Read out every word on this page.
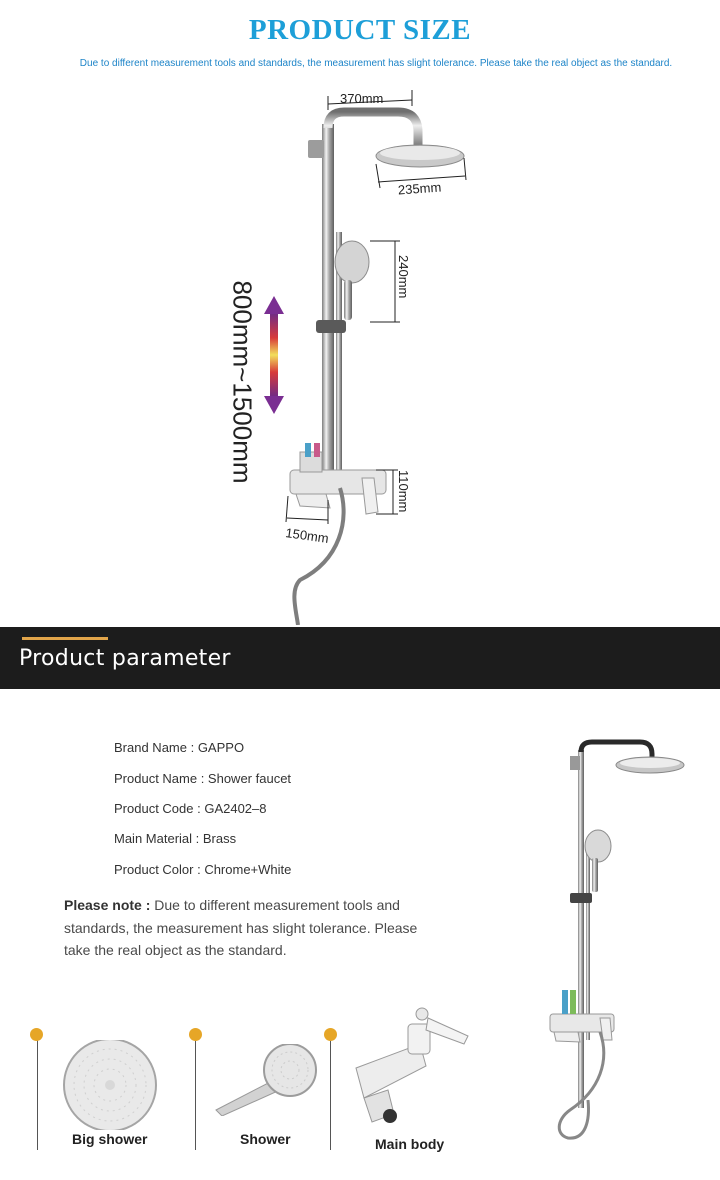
PRODUCT SIZE
Due to different measurement tools and standards, the measurement has slight tolerance. Please take the real object as the standard.
370mm
235mm
240mm
110mm
150mm
800mm~1500mm
Product parameter
Brand Name : GAPPO
Product Name : Shower faucet
Product Code : GA2402–8
Main Material : Brass
Product Color : Chrome+White
Please note : Due to different measurement tools and standards, the measurement has slight tolerance. Please take the real object as the standard.
Big shower	Shower	Main body
